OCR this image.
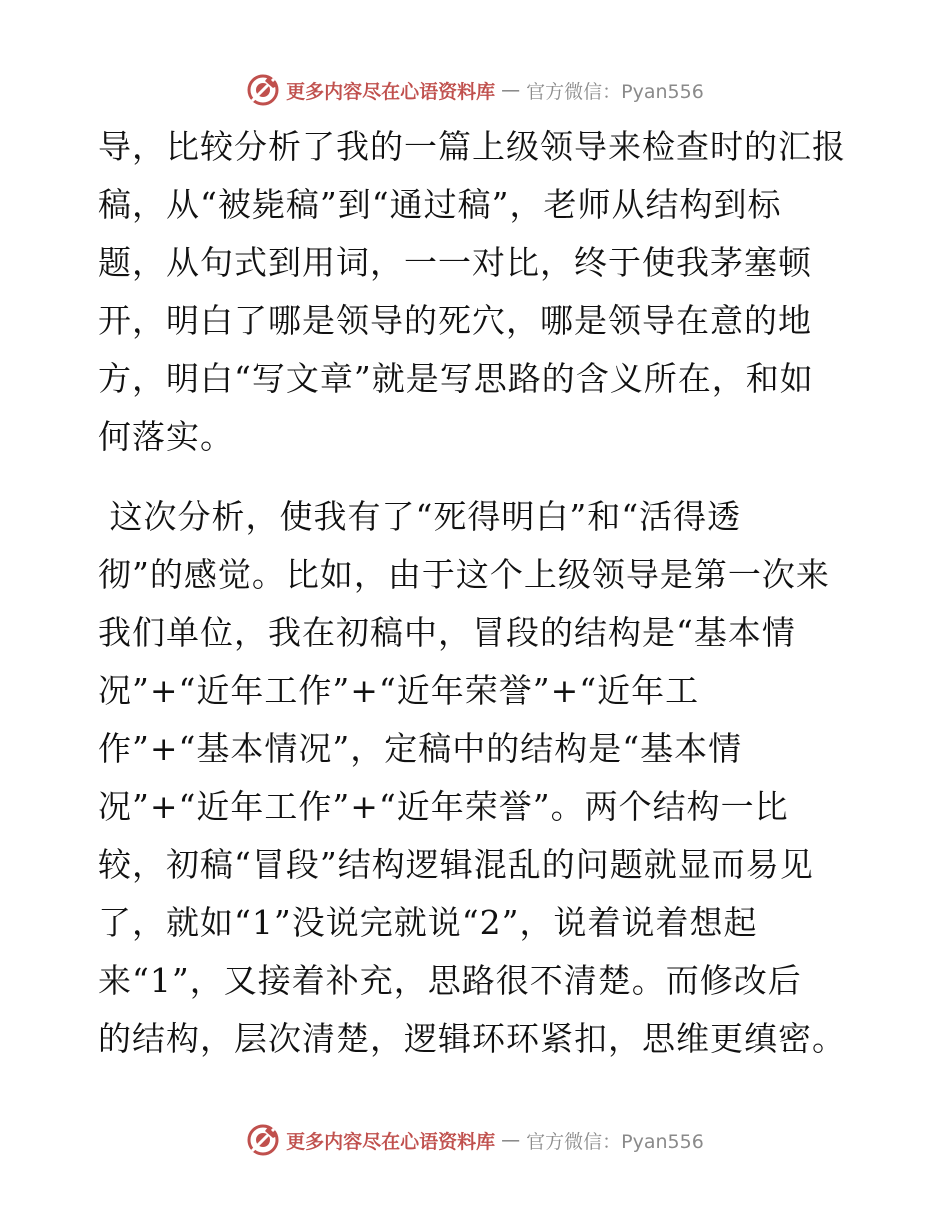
更多内容尽在心语资料库 — 官方微信：Pyan556

导，比较分析了我的一篇上级领导来检查时的汇报
稿，从“被毙稿”到“通过稿”，老师从结构到标
题，从句式到用词，一一对比，终于使我茅塞顿
开，明白了哪是领导的死穴，哪是领导在意的地
方，明白“写文章”就是写思路的含义所在，和如
何落实。

这次分析，使我有了“死得明白”和“活得透
彻”的感觉。比如，由于这个上级领导是第一次来
我们单位，我在初稿中，冒段的结构是“基本情
况”+“近年工作”+“近年荣誉”+“近年工
作”+“基本情况”，定稿中的结构是“基本情
况”+“近年工作”+“近年荣誉”。两个结构一比
较，初稿“冒段”结构逻辑混乱的问题就显而易见
了，就如“1”没说完就说“2”，说着说着想起
来“1”，又接着补充，思路很不清楚。而修改后
的结构，层次清楚，逻辑环环紧扣，思维更缜密。

更多内容尽在心语资料库 — 官方微信：Pyan556
